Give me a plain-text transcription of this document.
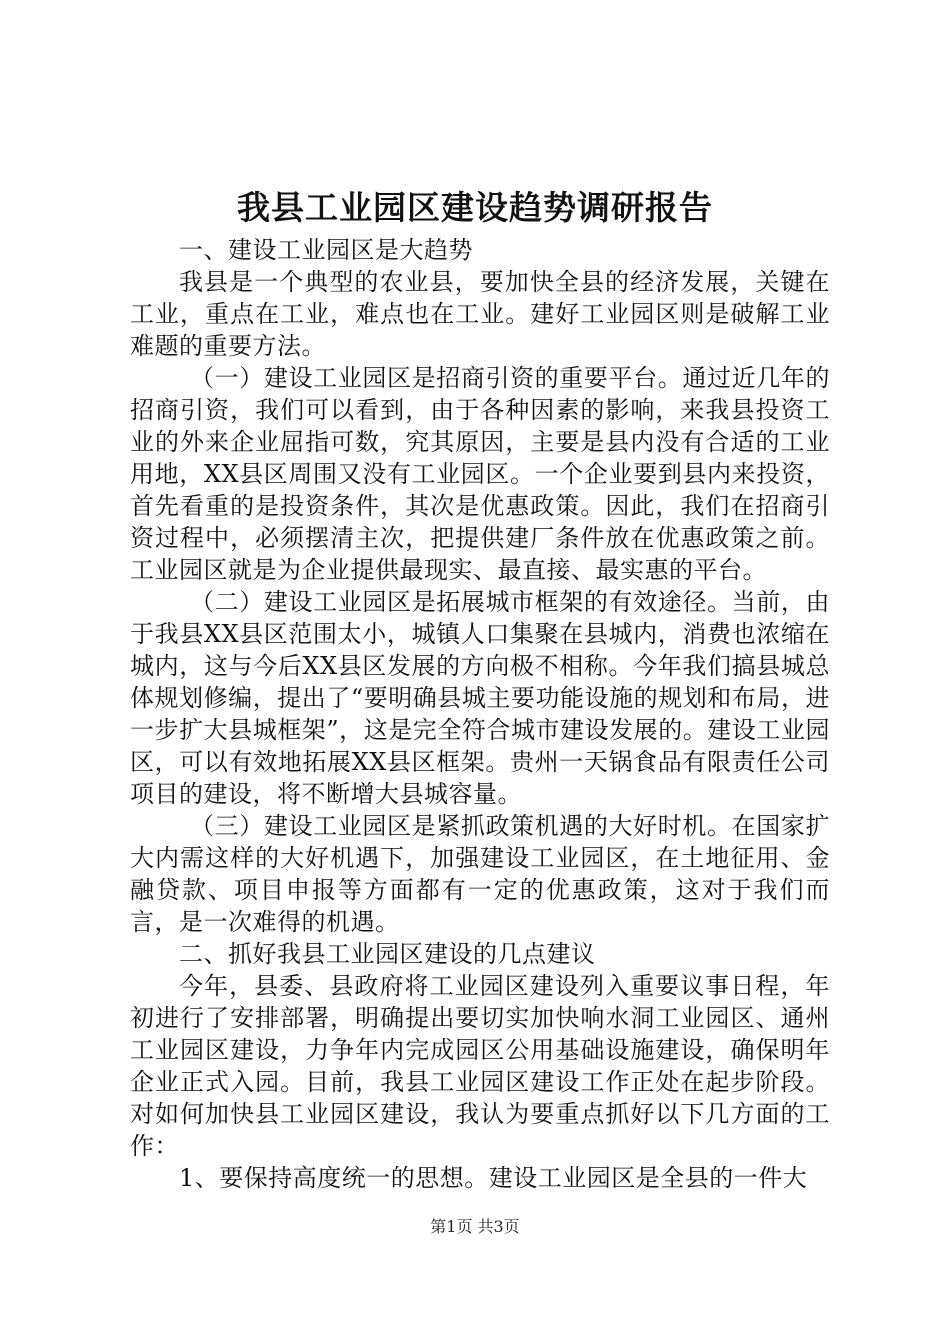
我县工业园区建设趋势调研报告

一、建设工业园区是大趋势

我县是一个典型的农业县，要加快全县的经济发展，关键在工业，重点在工业，难点也在工业。建好工业园区则是破解工业难题的重要方法。

（一）建设工业园区是招商引资的重要平台。通过近几年的招商引资，我们可以看到，由于各种因素的影响，来我县投资工业的外来企业屈指可数，究其原因，主要是县内没有合适的工业用地，XX县区周围又没有工业园区。一个企业要到县内来投资，首先看重的是投资条件，其次是优惠政策。因此，我们在招商引资过程中，必须摆清主次，把提供建厂条件放在优惠政策之前。工业园区就是为企业提供最现实、最直接、最实惠的平台。

（二）建设工业园区是拓展城市框架的有效途径。当前，由于我县XX县区范围太小，城镇人口集聚在县城内，消费也浓缩在城内，这与今后XX县区发展的方向极不相称。今年我们搞县城总体规划修编，提出了“要明确县城主要功能设施的规划和布局，进一步扩大县城框架”，这是完全符合城市建设发展的。建设工业园区，可以有效地拓展XX县区框架。贵州一天锅食品有限责任公司项目的建设，将不断增大县城容量。

（三）建设工业园区是紧抓政策机遇的大好时机。在国家扩大内需这样的大好机遇下，加强建设工业园区，在土地征用、金融贷款、项目申报等方面都有一定的优惠政策，这对于我们而言，是一次难得的机遇。

二、抓好我县工业园区建设的几点建议

今年，县委、县政府将工业园区建设列入重要议事日程，年初进行了安排部署，明确提出要切实加快响水洞工业园区、通州工业园区建设，力争年内完成园区公用基础设施建设，确保明年企业正式入园。目前，我县工业园区建设工作正处在起步阶段。对如何加快县工业园区建设，我认为要重点抓好以下几方面的工作：

1、要保持高度统一的思想。建设工业园区是全县的一件大

第1页 共3页
